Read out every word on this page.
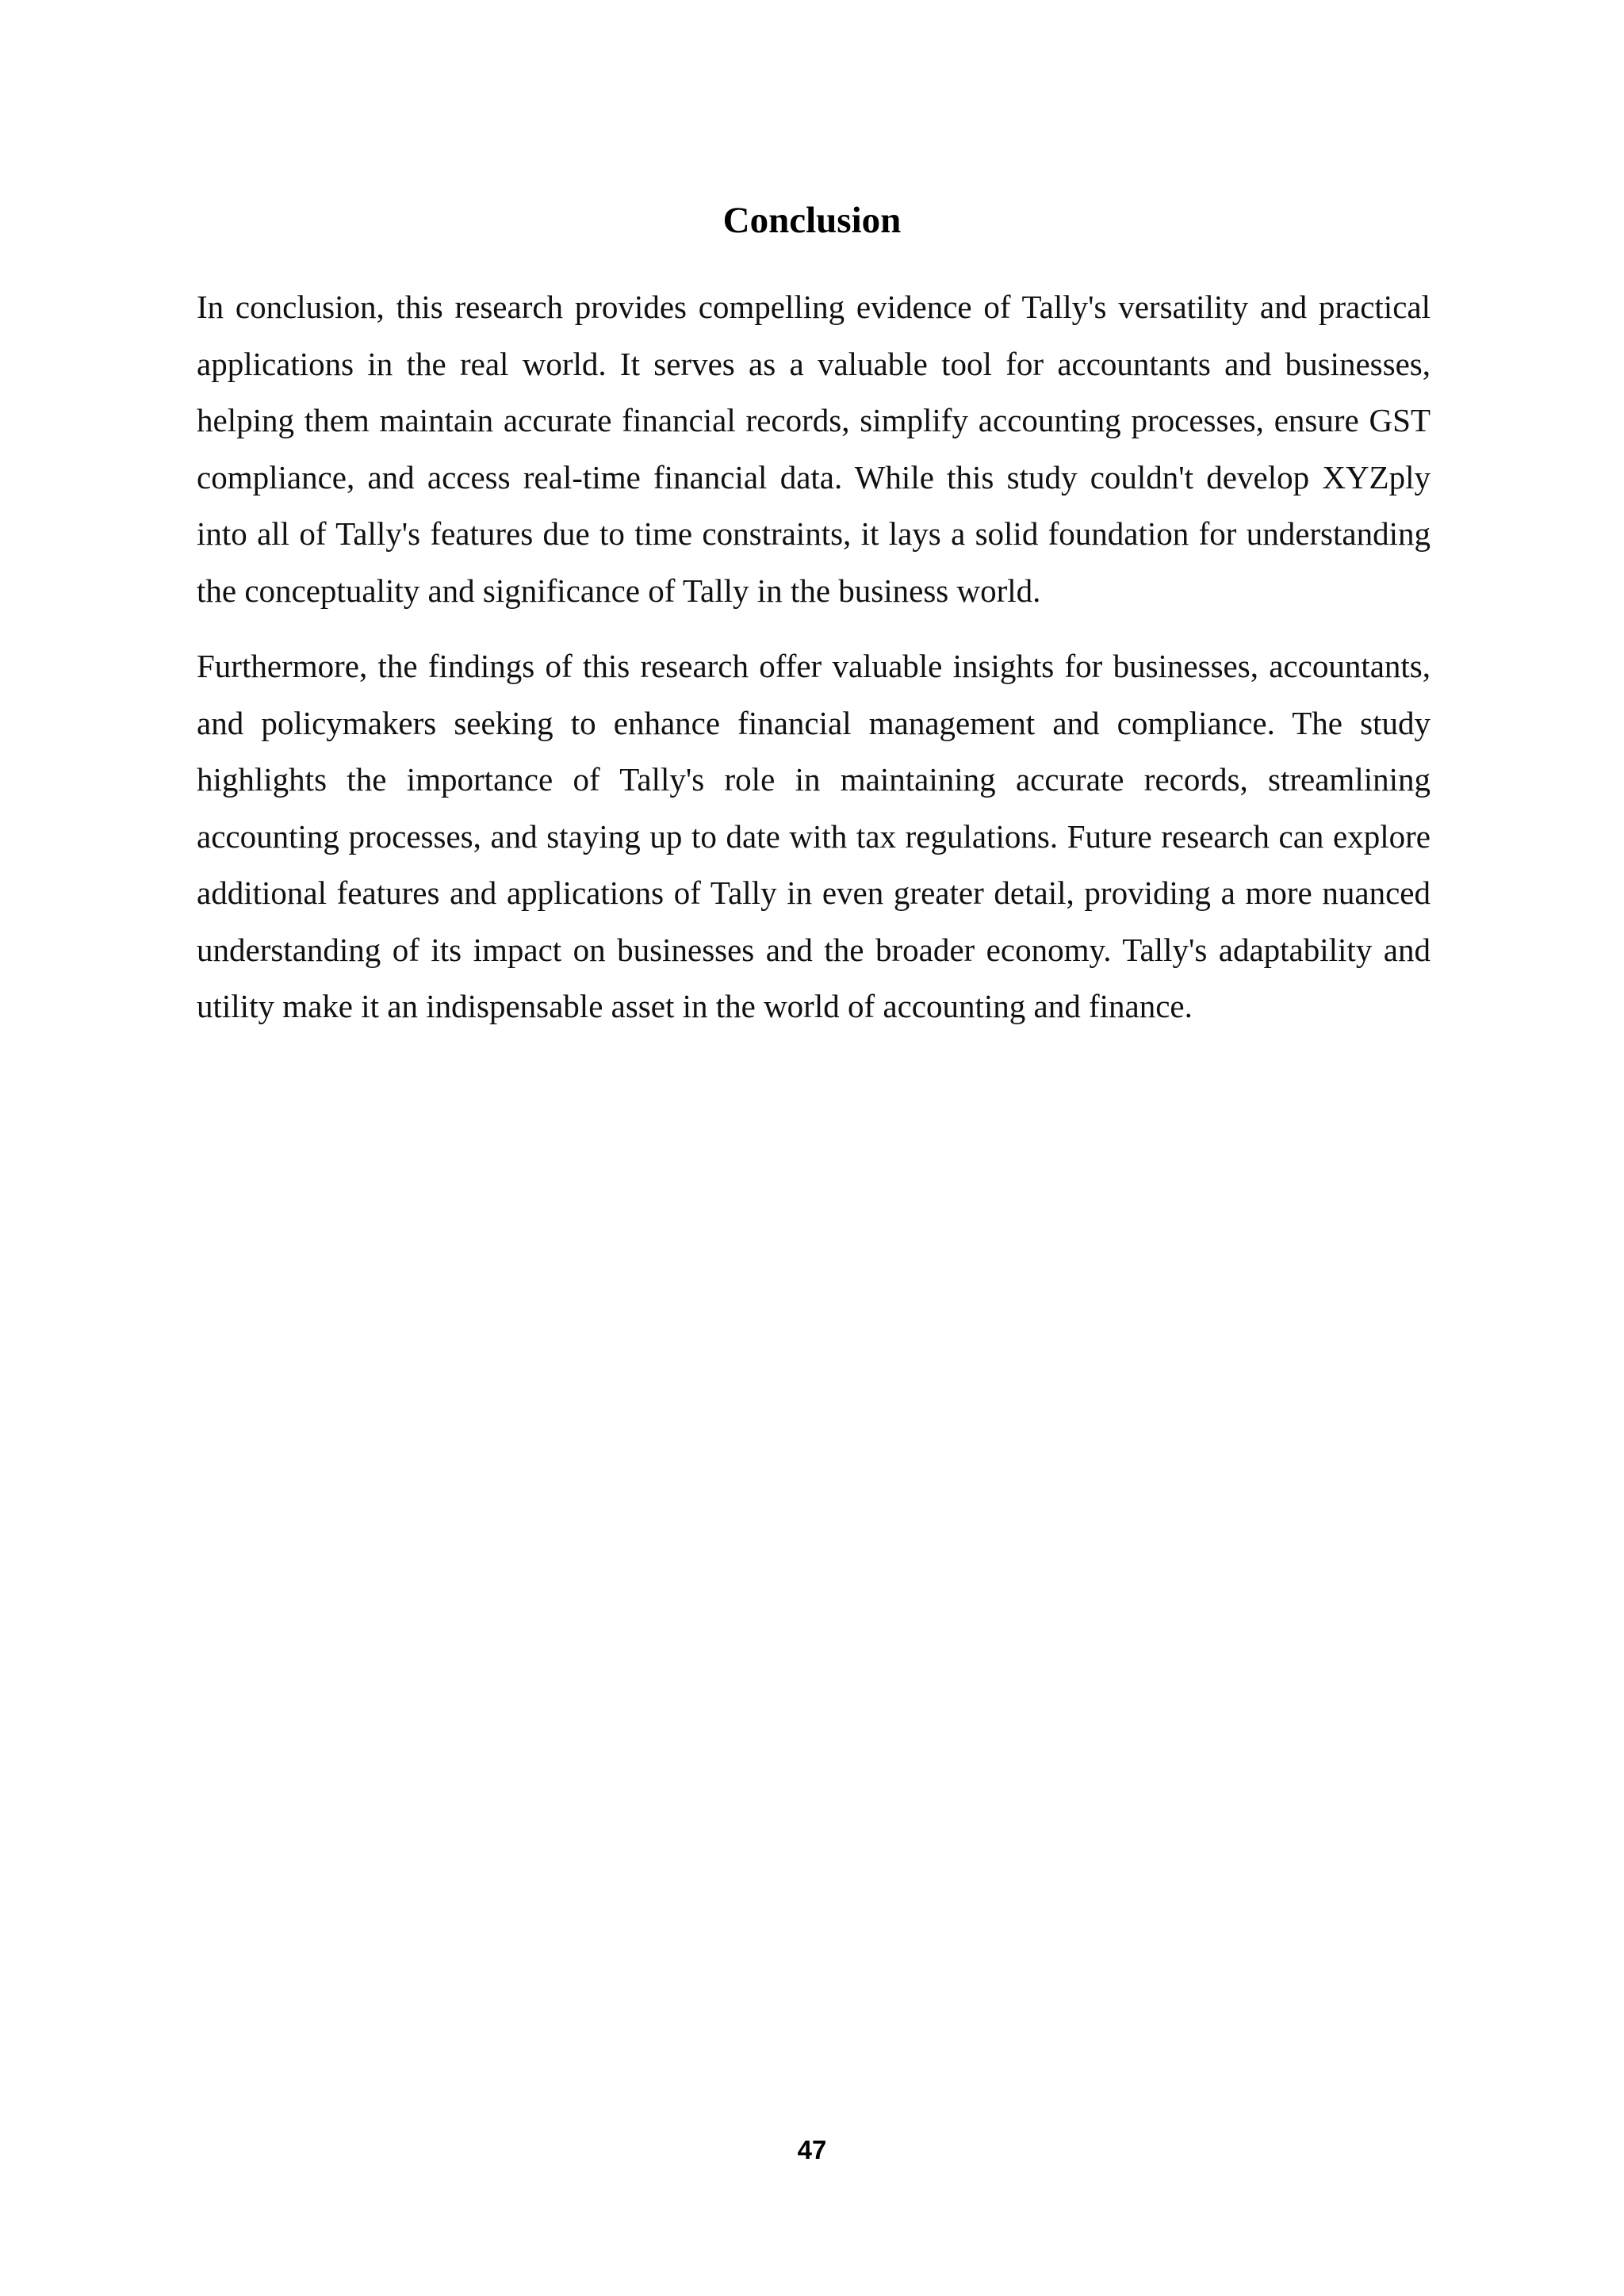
Conclusion

In conclusion, this research provides compelling evidence of Tally's versatility and practical applications in the real world. It serves as a valuable tool for accountants and businesses, helping them maintain accurate financial records, simplify accounting processes, ensure GST compliance, and access real-time financial data. While this study couldn't develop XYZply into all of Tally's features due to time constraints, it lays a solid foundation for understanding the conceptuality and significance of Tally in the business world.

Furthermore, the findings of this research offer valuable insights for businesses, accountants, and policymakers seeking to enhance financial management and compliance. The study highlights the importance of Tally's role in maintaining accurate records, streamlining accounting processes, and staying up to date with tax regulations. Future research can explore additional features and applications of Tally in even greater detail, providing a more nuanced understanding of its impact on businesses and the broader economy. Tally's adaptability and utility make it an indispensable asset in the world of accounting and finance.

47
